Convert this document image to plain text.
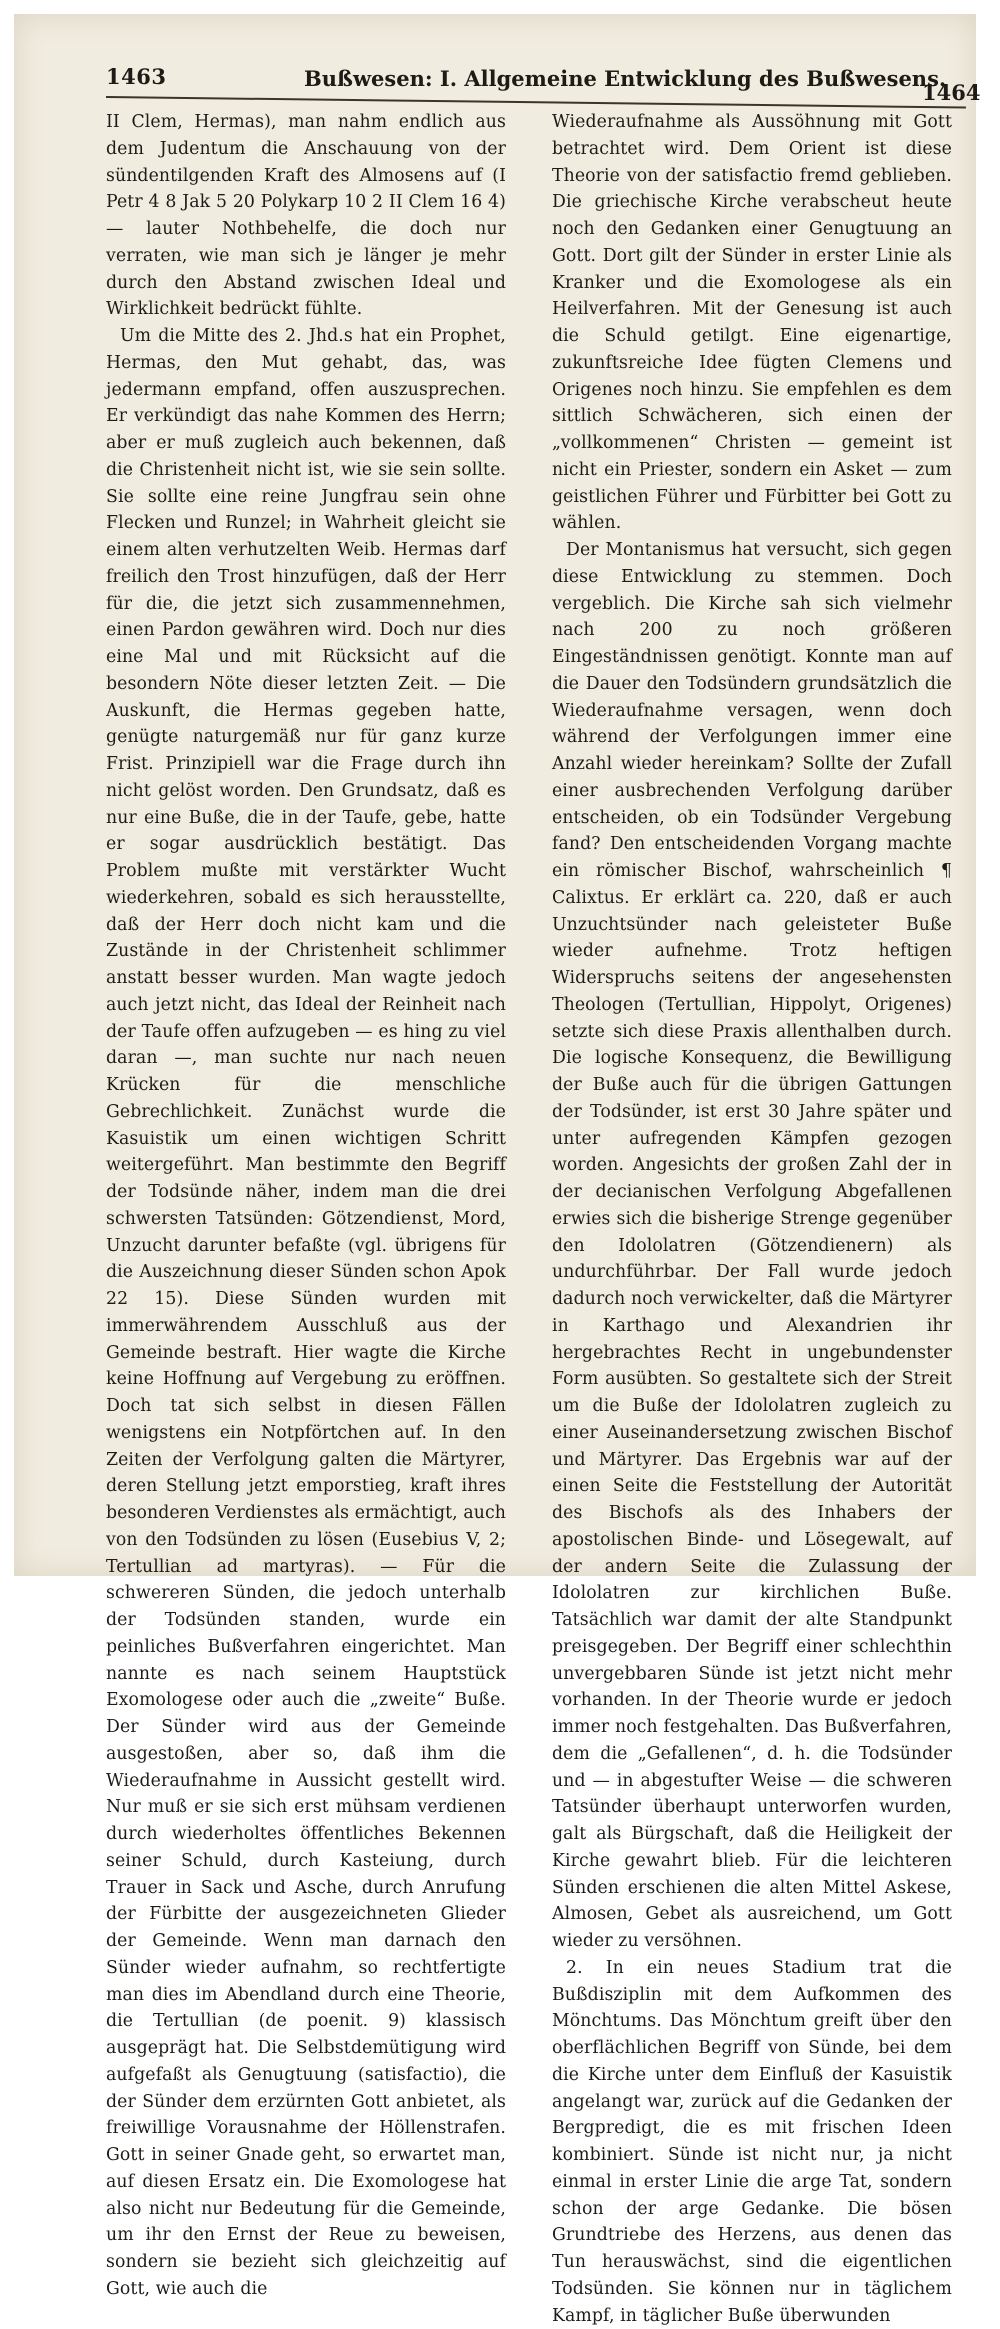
1463	Bußwesen: I. Allgemeine Entwicklung des Bußwesens.
1464

II Clem, Hermas), man nahm endlich aus dem Judentum die Anschauung von der sündentilgenden Kraft des Almosens auf (I Petr 4 8 Jak 5 20 Polykarp 10 2 II Clem 16 4) — lauter Nothbehelfe, die doch nur verraten, wie man sich je länger je mehr durch den Abstand zwischen Ideal und Wirklichkeit bedrückt fühlte.

Um die Mitte des 2. Jhd.s hat ein Prophet, Hermas, den Mut gehabt, das, was jedermann empfand, offen auszusprechen. Er verkündigt das nahe Kommen des Herrn; aber er muß zugleich auch bekennen, daß die Christenheit nicht ist, wie sie sein sollte. Sie sollte eine reine Jungfrau sein ohne Flecken und Runzel; in Wahrheit gleicht sie einem alten verhutzelten Weib. Hermas darf freilich den Trost hinzufügen, daß der Herr für die, die jetzt sich zusammennehmen, einen Pardon gewähren wird. Doch nur dies eine Mal und mit Rücksicht auf die besondern Nöte dieser letzten Zeit. — Die Auskunft, die Hermas gegeben hatte, genügte naturgemäß nur für ganz kurze Frist. Prinzipiell war die Frage durch ihn nicht gelöst worden. Den Grundsatz, daß es nur eine Buße, die in der Taufe, gebe, hatte er sogar ausdrücklich bestätigt. Das Problem mußte mit verstärkter Wucht wiederkehren, sobald es sich herausstellte, daß der Herr doch nicht kam und die Zustände in der Christenheit schlimmer anstatt besser wurden. Man wagte jedoch auch jetzt nicht, das Ideal der Reinheit nach der Taufe offen aufzugeben — es hing zu viel daran —, man suchte nur nach neuen Krücken für die menschliche Gebrechlichkeit. Zunächst wurde die Kasuistik um einen wichtigen Schritt weitergeführt. Man bestimmte den Begriff der Todsünde näher, indem man die drei schwersten Tatsünden: Götzendienst, Mord, Unzucht darunter befaßte (vgl. übrigens für die Auszeichnung dieser Sünden schon Apok 22 15). Diese Sünden wurden mit immerwährendem Ausschluß aus der Gemeinde bestraft. Hier wagte die Kirche keine Hoffnung auf Vergebung zu eröffnen. Doch tat sich selbst in diesen Fällen wenigstens ein Notpförtchen auf. In den Zeiten der Verfolgung galten die Märtyrer, deren Stellung jetzt emporstieg, kraft ihres besonderen Verdienstes als ermächtigt, auch von den Todsünden zu lösen (Eusebius V, 2; Tertullian ad martyras). — Für die schwereren Sünden, die jedoch unterhalb der Todsünden standen, wurde ein peinliches Bußverfahren eingerichtet. Man nannte es nach seinem Hauptstück Exomologese oder auch die „zweite“ Buße. Der Sünder wird aus der Gemeinde ausgestoßen, aber so, daß ihm die Wiederaufnahme in Aussicht gestellt wird. Nur muß er sie sich erst mühsam verdienen durch wiederholtes öffentliches Bekennen seiner Schuld, durch Kasteiung, durch Trauer in Sack und Asche, durch Anrufung der Fürbitte der ausgezeichneten Glieder der Gemeinde. Wenn man darnach den Sünder wieder aufnahm, so rechtfertigte man dies im Abendland durch eine Theorie, die Tertullian (de poenit. 9) klassisch ausgeprägt hat. Die Selbstdemütigung wird aufgefaßt als Genugtuung (satisfactio), die der Sünder dem erzürnten Gott anbietet, als freiwillige Vorausnahme der Höllenstrafen. Gott in seiner Gnade geht, so erwartet man, auf diesen Ersatz ein. Die Exomologese hat also nicht nur Bedeutung für die Gemeinde, um ihr den Ernst der Reue zu beweisen, sondern sie bezieht sich gleichzeitig auf Gott, wie auch die

Wiederaufnahme als Aussöhnung mit Gott betrachtet wird. Dem Orient ist diese Theorie von der satisfactio fremd geblieben. Die griechische Kirche verabscheut heute noch den Gedanken einer Genugtuung an Gott. Dort gilt der Sünder in erster Linie als Kranker und die Exomologese als ein Heilverfahren. Mit der Genesung ist auch die Schuld getilgt. Eine eigenartige, zukunftsreiche Idee fügten Clemens und Origenes noch hinzu. Sie empfehlen es dem sittlich Schwächeren, sich einen der „vollkommenen“ Christen — gemeint ist nicht ein Priester, sondern ein Asket — zum geistlichen Führer und Fürbitter bei Gott zu wählen.

Der Montanismus hat versucht, sich gegen diese Entwicklung zu stemmen. Doch vergeblich. Die Kirche sah sich vielmehr nach 200 zu noch größeren Eingeständnissen genötigt. Konnte man auf die Dauer den Todsündern grundsätzlich die Wiederaufnahme versagen, wenn doch während der Verfolgungen immer eine Anzahl wieder hereinkam? Sollte der Zufall einer ausbrechenden Verfolgung darüber entscheiden, ob ein Todsünder Vergebung fand? Den entscheidenden Vorgang machte ein römischer Bischof, wahrscheinlich ¶ Calixtus. Er erklärt ca. 220, daß er auch Unzuchtsünder nach geleisteter Buße wieder aufnehme. Trotz heftigen Widerspruchs seitens der angesehensten Theologen (Tertullian, Hippolyt, Origenes) setzte sich diese Praxis allenthalben durch. Die logische Konsequenz, die Bewilligung der Buße auch für die übrigen Gattungen der Todsünder, ist erst 30 Jahre später und unter aufregenden Kämpfen gezogen worden. Angesichts der großen Zahl der in der decianischen Verfolgung Abgefallenen erwies sich die bisherige Strenge gegenüber den Idololatren (Götzendienern) als undurchführbar. Der Fall wurde jedoch dadurch noch verwickelter, daß die Märtyrer in Karthago und Alexandrien ihr hergebrachtes Recht in ungebundenster Form ausübten. So gestaltete sich der Streit um die Buße der Idololatren zugleich zu einer Auseinandersetzung zwischen Bischof und Märtyrer. Das Ergebnis war auf der einen Seite die Feststellung der Autorität des Bischofs als des Inhabers der apostolischen Binde- und Lösegewalt, auf der andern Seite die Zulassung der Idololatren zur kirchlichen Buße. Tatsächlich war damit der alte Standpunkt preisgegeben. Der Begriff einer schlechthin unvergebbaren Sünde ist jetzt nicht mehr vorhanden. In der Theorie wurde er jedoch immer noch festgehalten. Das Bußverfahren, dem die „Gefallenen“, d. h. die Todsünder und — in abgestufter Weise — die schweren Tatsünder überhaupt unterworfen wurden, galt als Bürgschaft, daß die Heiligkeit der Kirche gewahrt blieb. Für die leichteren Sünden erschienen die alten Mittel Askese, Almosen, Gebet als ausreichend, um Gott wieder zu versöhnen.

2. In ein neues Stadium trat die Bußdisziplin mit dem Aufkommen des Mönchtums. Das Mönchtum greift über den oberflächlichen Begriff von Sünde, bei dem die Kirche unter dem Einfluß der Kasuistik angelangt war, zurück auf die Gedanken der Bergpredigt, die es mit frischen Ideen kombiniert. Sünde ist nicht nur, ja nicht einmal in erster Linie die arge Tat, sondern schon der arge Gedanke. Die bösen Grundtriebe des Herzens, aus denen das Tun herauswächst, sind die eigentlichen Todsünden. Sie können nur in täglichem Kampf, in täglicher Buße überwunden
